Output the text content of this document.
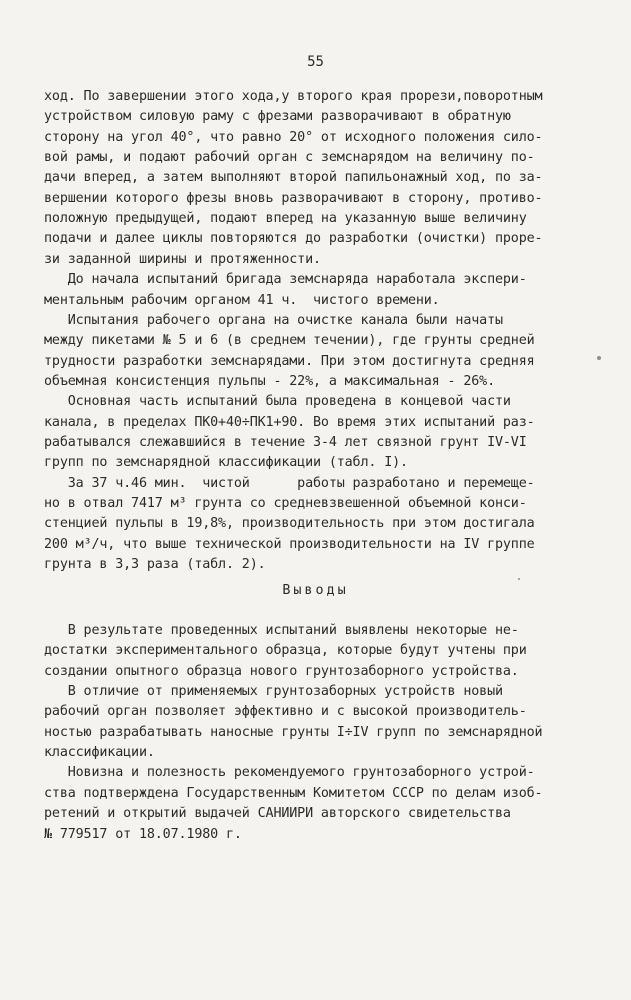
55
ход. По завершении этого хода,у второго края прорези,поворотным
устройством силовую раму с фрезами разворачивают в обратную
сторону на угол 40°, что равно 20° от исходного положения сило-
вой рамы, и подают рабочий орган с земснарядом на величину по-
дачи вперед, а затем выполняют второй папильонажный ход, по за-
вершении которого фрезы вновь разворачивают в сторону, противо-
положную предыдущей, подают вперед на указанную выше величину
подачи и далее циклы повторяются до разработки (очистки) проре-
зи заданной ширины и протяженности.
До начала испытаний бригада земснаряда наработала экспери-
ментальным рабочим органом 41 ч.  чистого времени.
Испытания рабочего органа на очистке канала были начаты
между пикетами № 5 и 6 (в среднем течении), где грунты средней
трудности разработки земснарядами. При этом достигнута средняя
объемная консистенция пульпы - 22%, а максимальная - 26%.
Основная часть испытаний была проведена в концевой части
канала, в пределах ПК0+40÷ПК1+90. Во время этих испытаний раз-
рабатывался слежавшийся в течение 3-4 лет связной грунт IV-VI
групп по земснарядной классификации (табл. I).
За 37 ч.46 мин.  чистой      работы разработано и перемеще-
но в отвал 7417 м³ грунта со средневзвешенной объемной конси-
стенцией пульпы в 19,8%, производительность при этом достигала
200 м³/ч, что выше технической производительности на IV группе
грунта в 3,3 раза (табл. 2).
Выводы
В результате проведенных испытаний выявлены некоторые не-
достатки экспериментального образца, которые будут учтены при
создании опытного образца нового грунтозаборного устройства.
В отличие от применяемых грунтозаборных устройств новый
рабочий орган позволяет эффективно и с высокой производитель-
ностью разрабатывать наносные грунты I÷IV групп по земснарядной
классификации.
Новизна и полезность рекомендуемого грунтозаборного устрой-
ства подтверждена Государственным Комитетом СССР по делам изоб-
ретений и открытий выдачей САНИИРИ авторского свидетельства
№ 779517 от 18.07.1980 г.
